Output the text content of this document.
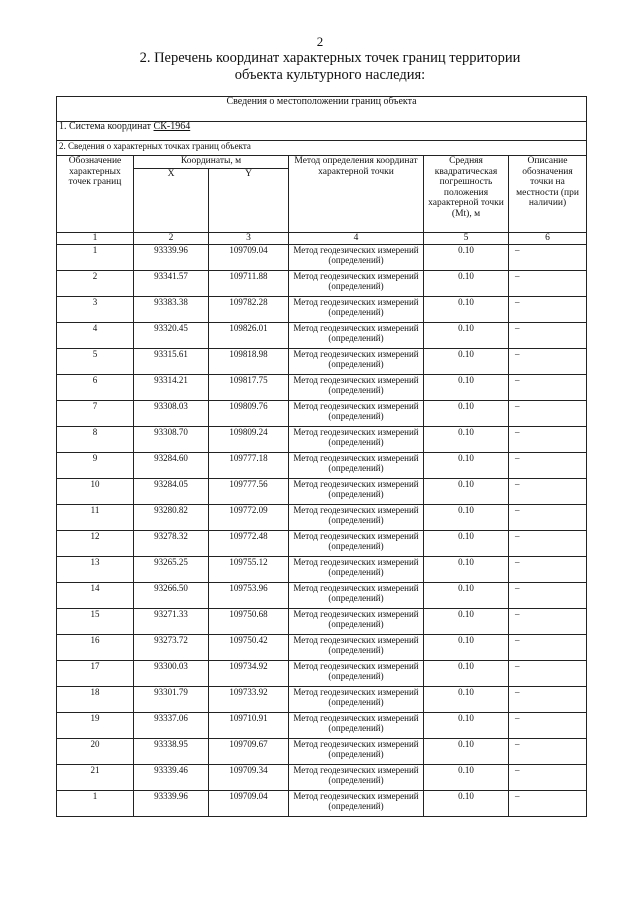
2
2. Перечень координат характерных точек границ территории
объекта культурного наследия:
Сведения о местоположении границ объекта					
1. Система координат СК-1964					
2. Сведения о характерных точках границ объекта					
Обозначение характерных точек границ	Координаты, м		Метод определения координат характерной точки	Средняя квадратическая погрешность положения характерной точки (Mt), м	Описание обозначения точки на местности (при наличии)
	X	Y			
1	2	3	4	5	6
1	93339.96	109709.04	Метод геодезических измерений (определений)	0.10	–
2	93341.57	109711.88	Метод геодезических измерений (определений)	0.10	–
3	93383.38	109782.28	Метод геодезических измерений (определений)	0.10	–
4	93320.45	109826.01	Метод геодезических измерений (определений)	0.10	–
5	93315.61	109818.98	Метод геодезических измерений (определений)	0.10	–
6	93314.21	109817.75	Метод геодезических измерений (определений)	0.10	–
7	93308.03	109809.76	Метод геодезических измерений (определений)	0.10	–
8	93308.70	109809.24	Метод геодезических измерений (определений)	0.10	–
9	93284.60	109777.18	Метод геодезических измерений (определений)	0.10	–
10	93284.05	109777.56	Метод геодезических измерений (определений)	0.10	–
11	93280.82	109772.09	Метод геодезических измерений (определений)	0.10	–
12	93278.32	109772.48	Метод геодезических измерений (определений)	0.10	–
13	93265.25	109755.12	Метод геодезических измерений (определений)	0.10	–
14	93266.50	109753.96	Метод геодезических измерений (определений)	0.10	–
15	93271.33	109750.68	Метод геодезических измерений (определений)	0.10	–
16	93273.72	109750.42	Метод геодезических измерений (определений)	0.10	–
17	93300.03	109734.92	Метод геодезических измерений (определений)	0.10	–
18	93301.79	109733.92	Метод геодезических измерений (определений)	0.10	–
19	93337.06	109710.91	Метод геодезических измерений (определений)	0.10	–
20	93338.95	109709.67	Метод геодезических измерений (определений)	0.10	–
21	93339.46	109709.34	Метод геодезических измерений (определений)	0.10	–
1	93339.96	109709.04	Метод геодезических измерений (определений)	0.10	–
